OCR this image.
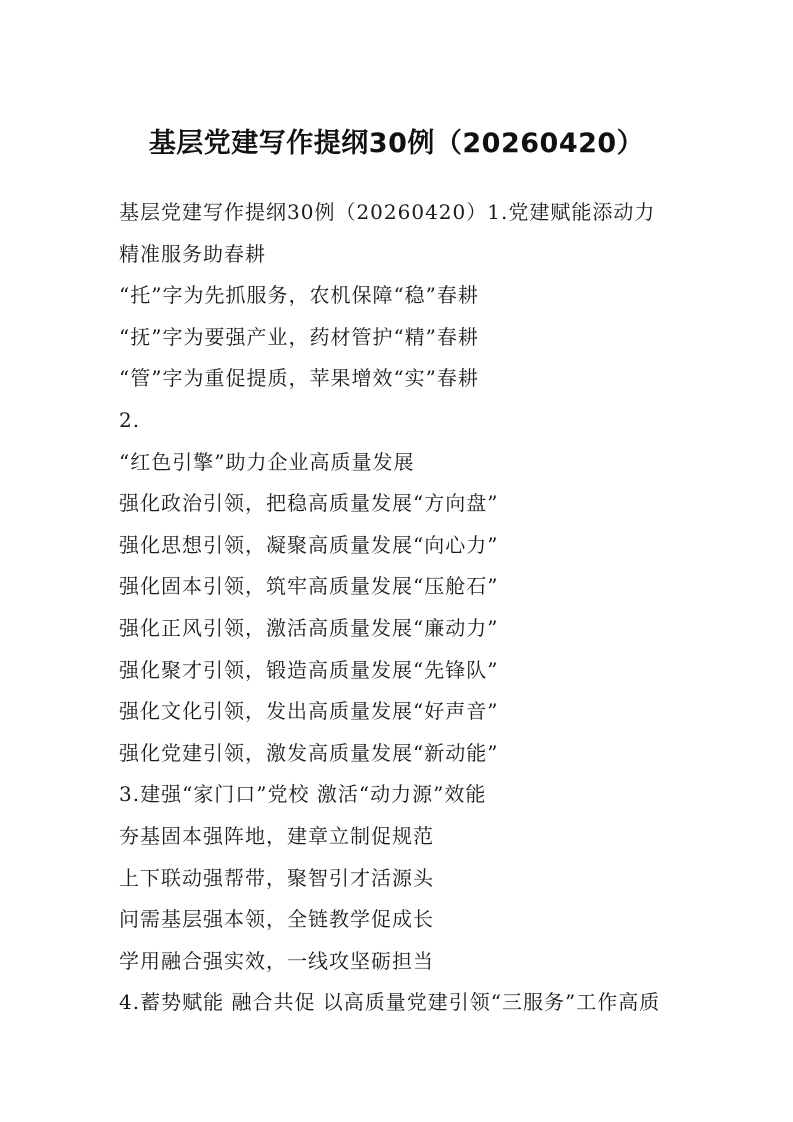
基层党建写作提纲30例（20260420）

基层党建写作提纲30例（20260420）1.党建赋能添动力 精准服务助春耕

“托”字为先抓服务，农机保障“稳”春耕

“抚”字为要强产业，药材管护“精”春耕

“管”字为重促提质，苹果增效“实”春耕

2.

“红色引擎”助力企业高质量发展

强化政治引领，把稳高质量发展“方向盘”

强化思想引领，凝聚高质量发展“向心力”

强化固本引领，筑牢高质量发展“压舱石”

强化正风引领，激活高质量发展“廉动力”

强化聚才引领，锻造高质量发展“先锋队”

强化文化引领，发出高质量发展“好声音”

强化党建引领，激发高质量发展“新动能”

3.建强“家门口”党校 激活“动力源”效能

夯基固本强阵地，建章立制促规范

上下联动强帮带，聚智引才活源头

问需基层强本领，全链教学促成长

学用融合强实效，一线攻坚砺担当

4.蓄势赋能 融合共促 以高质量党建引领“三服务”工作高质
